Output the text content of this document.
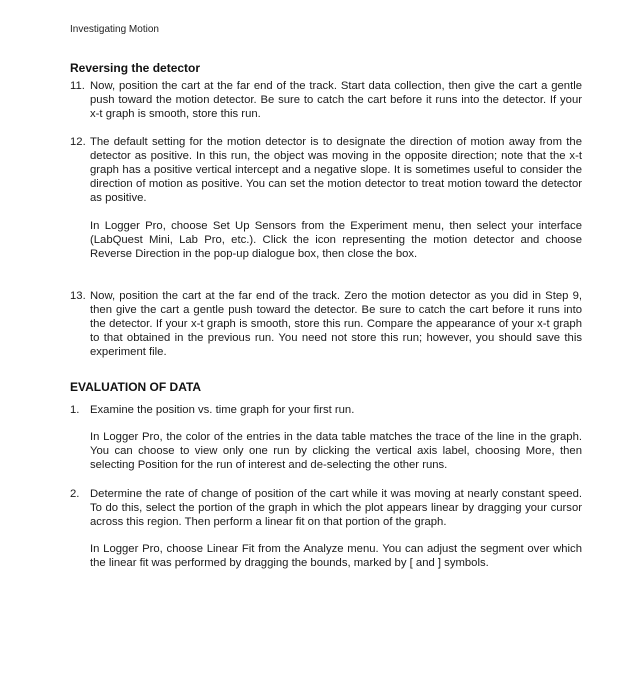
Investigating Motion
Reversing the detector
11. Now, position the cart at the far end of the track. Start data collection, then give the cart a gentle push toward the motion detector. Be sure to catch the cart before it runs into the detector. If your x-t graph is smooth, store this run.
12. The default setting for the motion detector is to designate the direction of motion away from the detector as positive. In this run, the object was moving in the opposite direction; note that the x-t graph has a positive vertical intercept and a negative slope. It is sometimes useful to consider the direction of motion as positive. You can set the motion detector to treat motion toward the detector as positive.
In Logger Pro, choose Set Up Sensors from the Experiment menu, then select your interface (LabQuest Mini, Lab Pro, etc.). Click the icon representing the motion detector and choose Reverse Direction in the pop-up dialogue box, then close the box.
13. Now, position the cart at the far end of the track. Zero the motion detector as you did in Step 9, then give the cart a gentle push toward the detector. Be sure to catch the cart before it runs into the detector. If your x-t graph is smooth, store this run. Compare the appearance of your x-t graph to that obtained in the previous run. You need not store this run; however, you should save this experiment file.
EVALUATION OF DATA
1. Examine the position vs. time graph for your first run.
In Logger Pro, the color of the entries in the data table matches the trace of the line in the graph. You can choose to view only one run by clicking the vertical axis label, choosing More, then selecting Position for the run of interest and de-selecting the other runs.
2. Determine the rate of change of position of the cart while it was moving at nearly constant speed. To do this, select the portion of the graph in which the plot appears linear by dragging your cursor across this region. Then perform a linear fit on that portion of the graph.
In Logger Pro, choose Linear Fit from the Analyze menu. You can adjust the segment over which the linear fit was performed by dragging the bounds, marked by [ and ] symbols.
